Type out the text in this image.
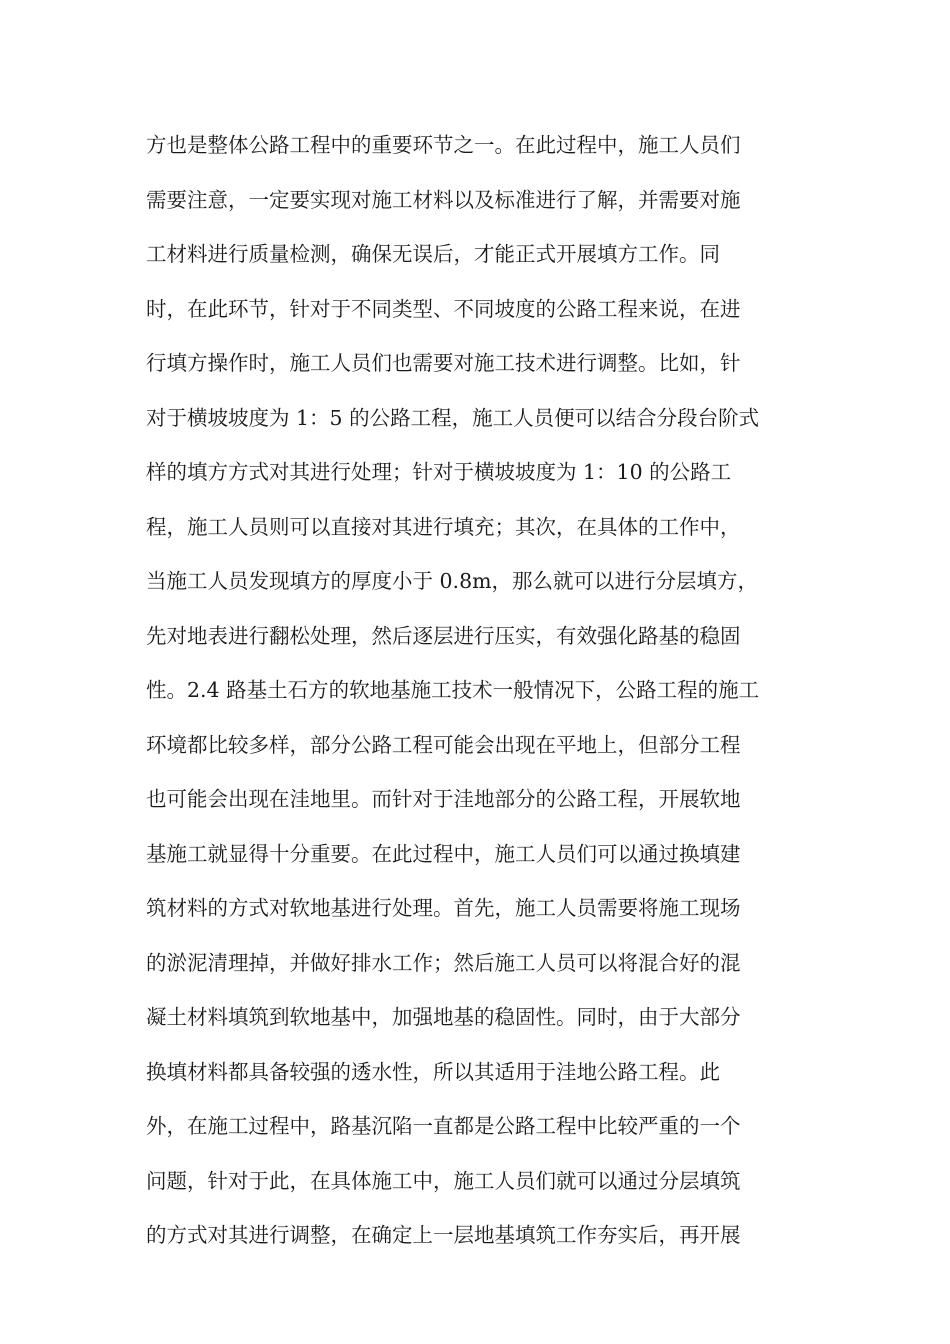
方也是整体公路工程中的重要环节之一。在此过程中，施工人员们
需要注意，一定要实现对施工材料以及标准进行了解，并需要对施
工材料进行质量检测，确保无误后，才能正式开展填方工作。同
时，在此环节，针对于不同类型、不同坡度的公路工程来说，在进
行填方操作时，施工人员们也需要对施工技术进行调整。比如，针
对于横坡坡度为 1：5 的公路工程，施工人员便可以结合分段台阶式
样的填方方式对其进行处理；针对于横坡坡度为 1：10 的公路工
程，施工人员则可以直接对其进行填充；其次，在具体的工作中，
当施工人员发现填方的厚度小于 0.8m，那么就可以进行分层填方，
先对地表进行翻松处理，然后逐层进行压实，有效强化路基的稳固
性。2.4 路基土石方的软地基施工技术一般情况下，公路工程的施工
环境都比较多样，部分公路工程可能会出现在平地上，但部分工程
也可能会出现在洼地里。而针对于洼地部分的公路工程，开展软地
基施工就显得十分重要。在此过程中，施工人员们可以通过换填建
筑材料的方式对软地基进行处理。首先，施工人员需要将施工现场
的淤泥清理掉，并做好排水工作；然后施工人员可以将混合好的混
凝土材料填筑到软地基中，加强地基的稳固性。同时，由于大部分
换填材料都具备较强的透水性，所以其适用于洼地公路工程。此
外，在施工过程中，路基沉陷一直都是公路工程中比较严重的一个
问题，针对于此，在具体施工中，施工人员们就可以通过分层填筑
的方式对其进行调整，在确定上一层地基填筑工作夯实后，再开展
